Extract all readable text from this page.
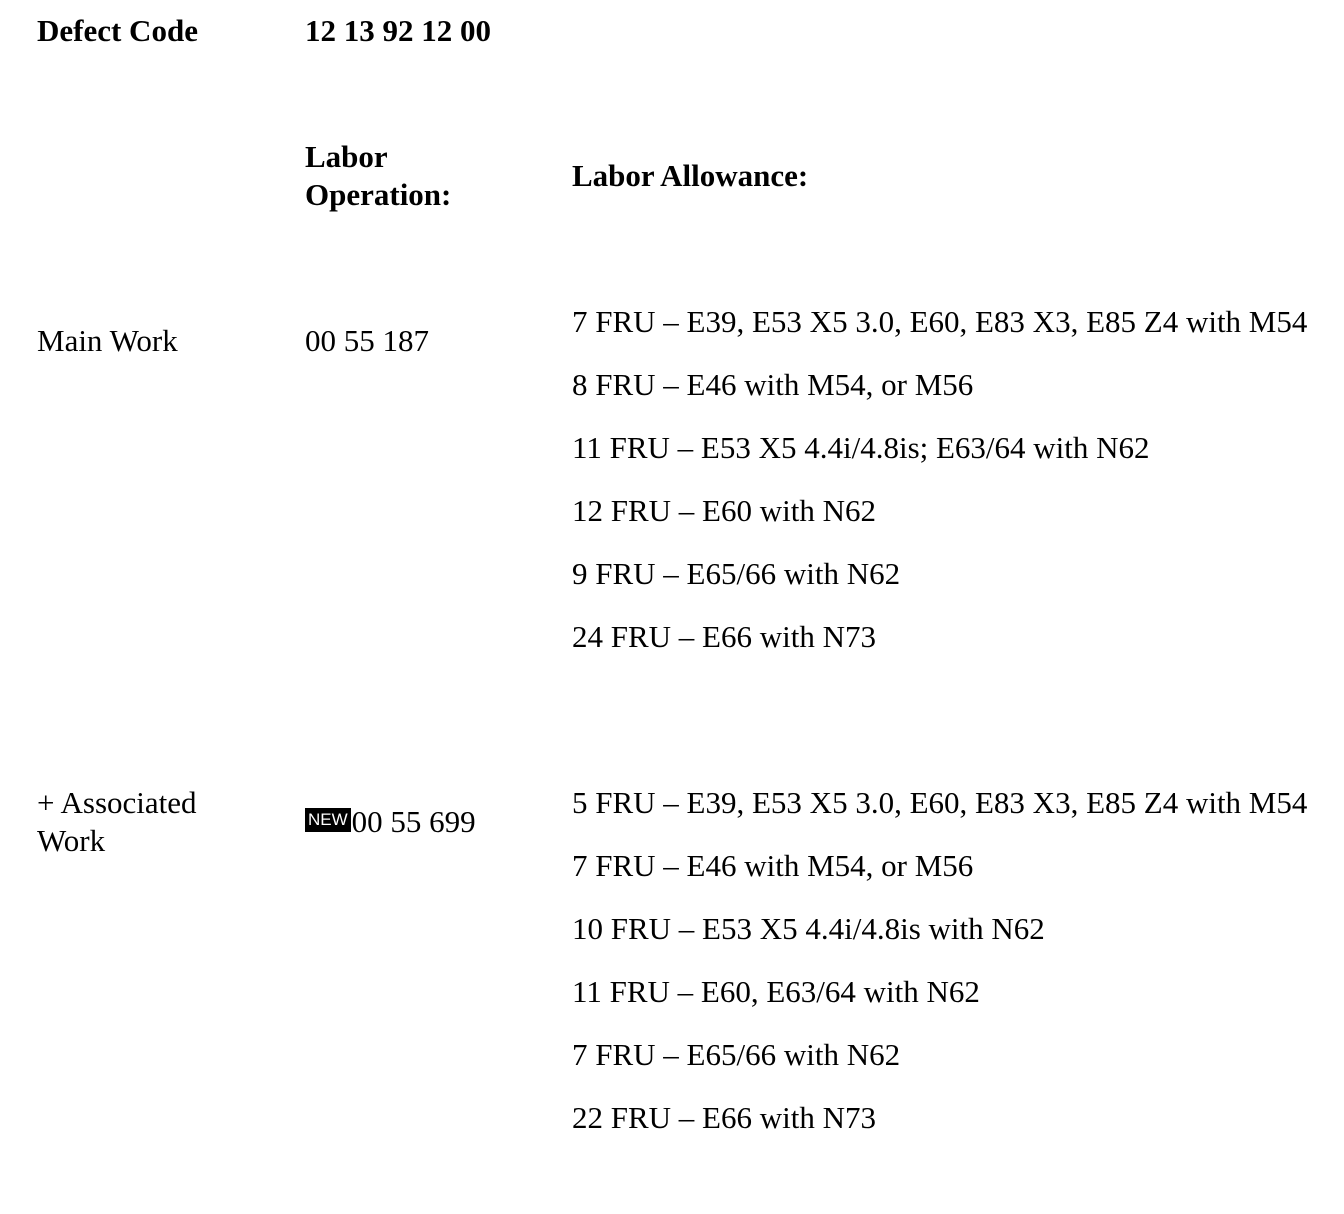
Defect Code	12 13 92 12 00
Labor
Operation:
Labor Allowance:
Main Work	00 55 187
7 FRU – E39, E53 X5 3.0, E60, E83 X3, E85 Z4 with M54
8 FRU – E46 with M54, or M56
11 FRU – E53 X5 4.4i/4.8is; E63/64 with N62
12 FRU – E60 with N62
9 FRU – E65/66 with N62
24 FRU – E66 with N73
+ Associated
Work
NEW 00 55 699
5 FRU – E39, E53 X5 3.0, E60, E83 X3, E85 Z4 with M54
7 FRU – E46 with M54, or M56
10 FRU – E53 X5 4.4i/4.8is with N62
11 FRU – E60, E63/64 with N62
7 FRU – E65/66 with N62
22 FRU – E66 with N73
